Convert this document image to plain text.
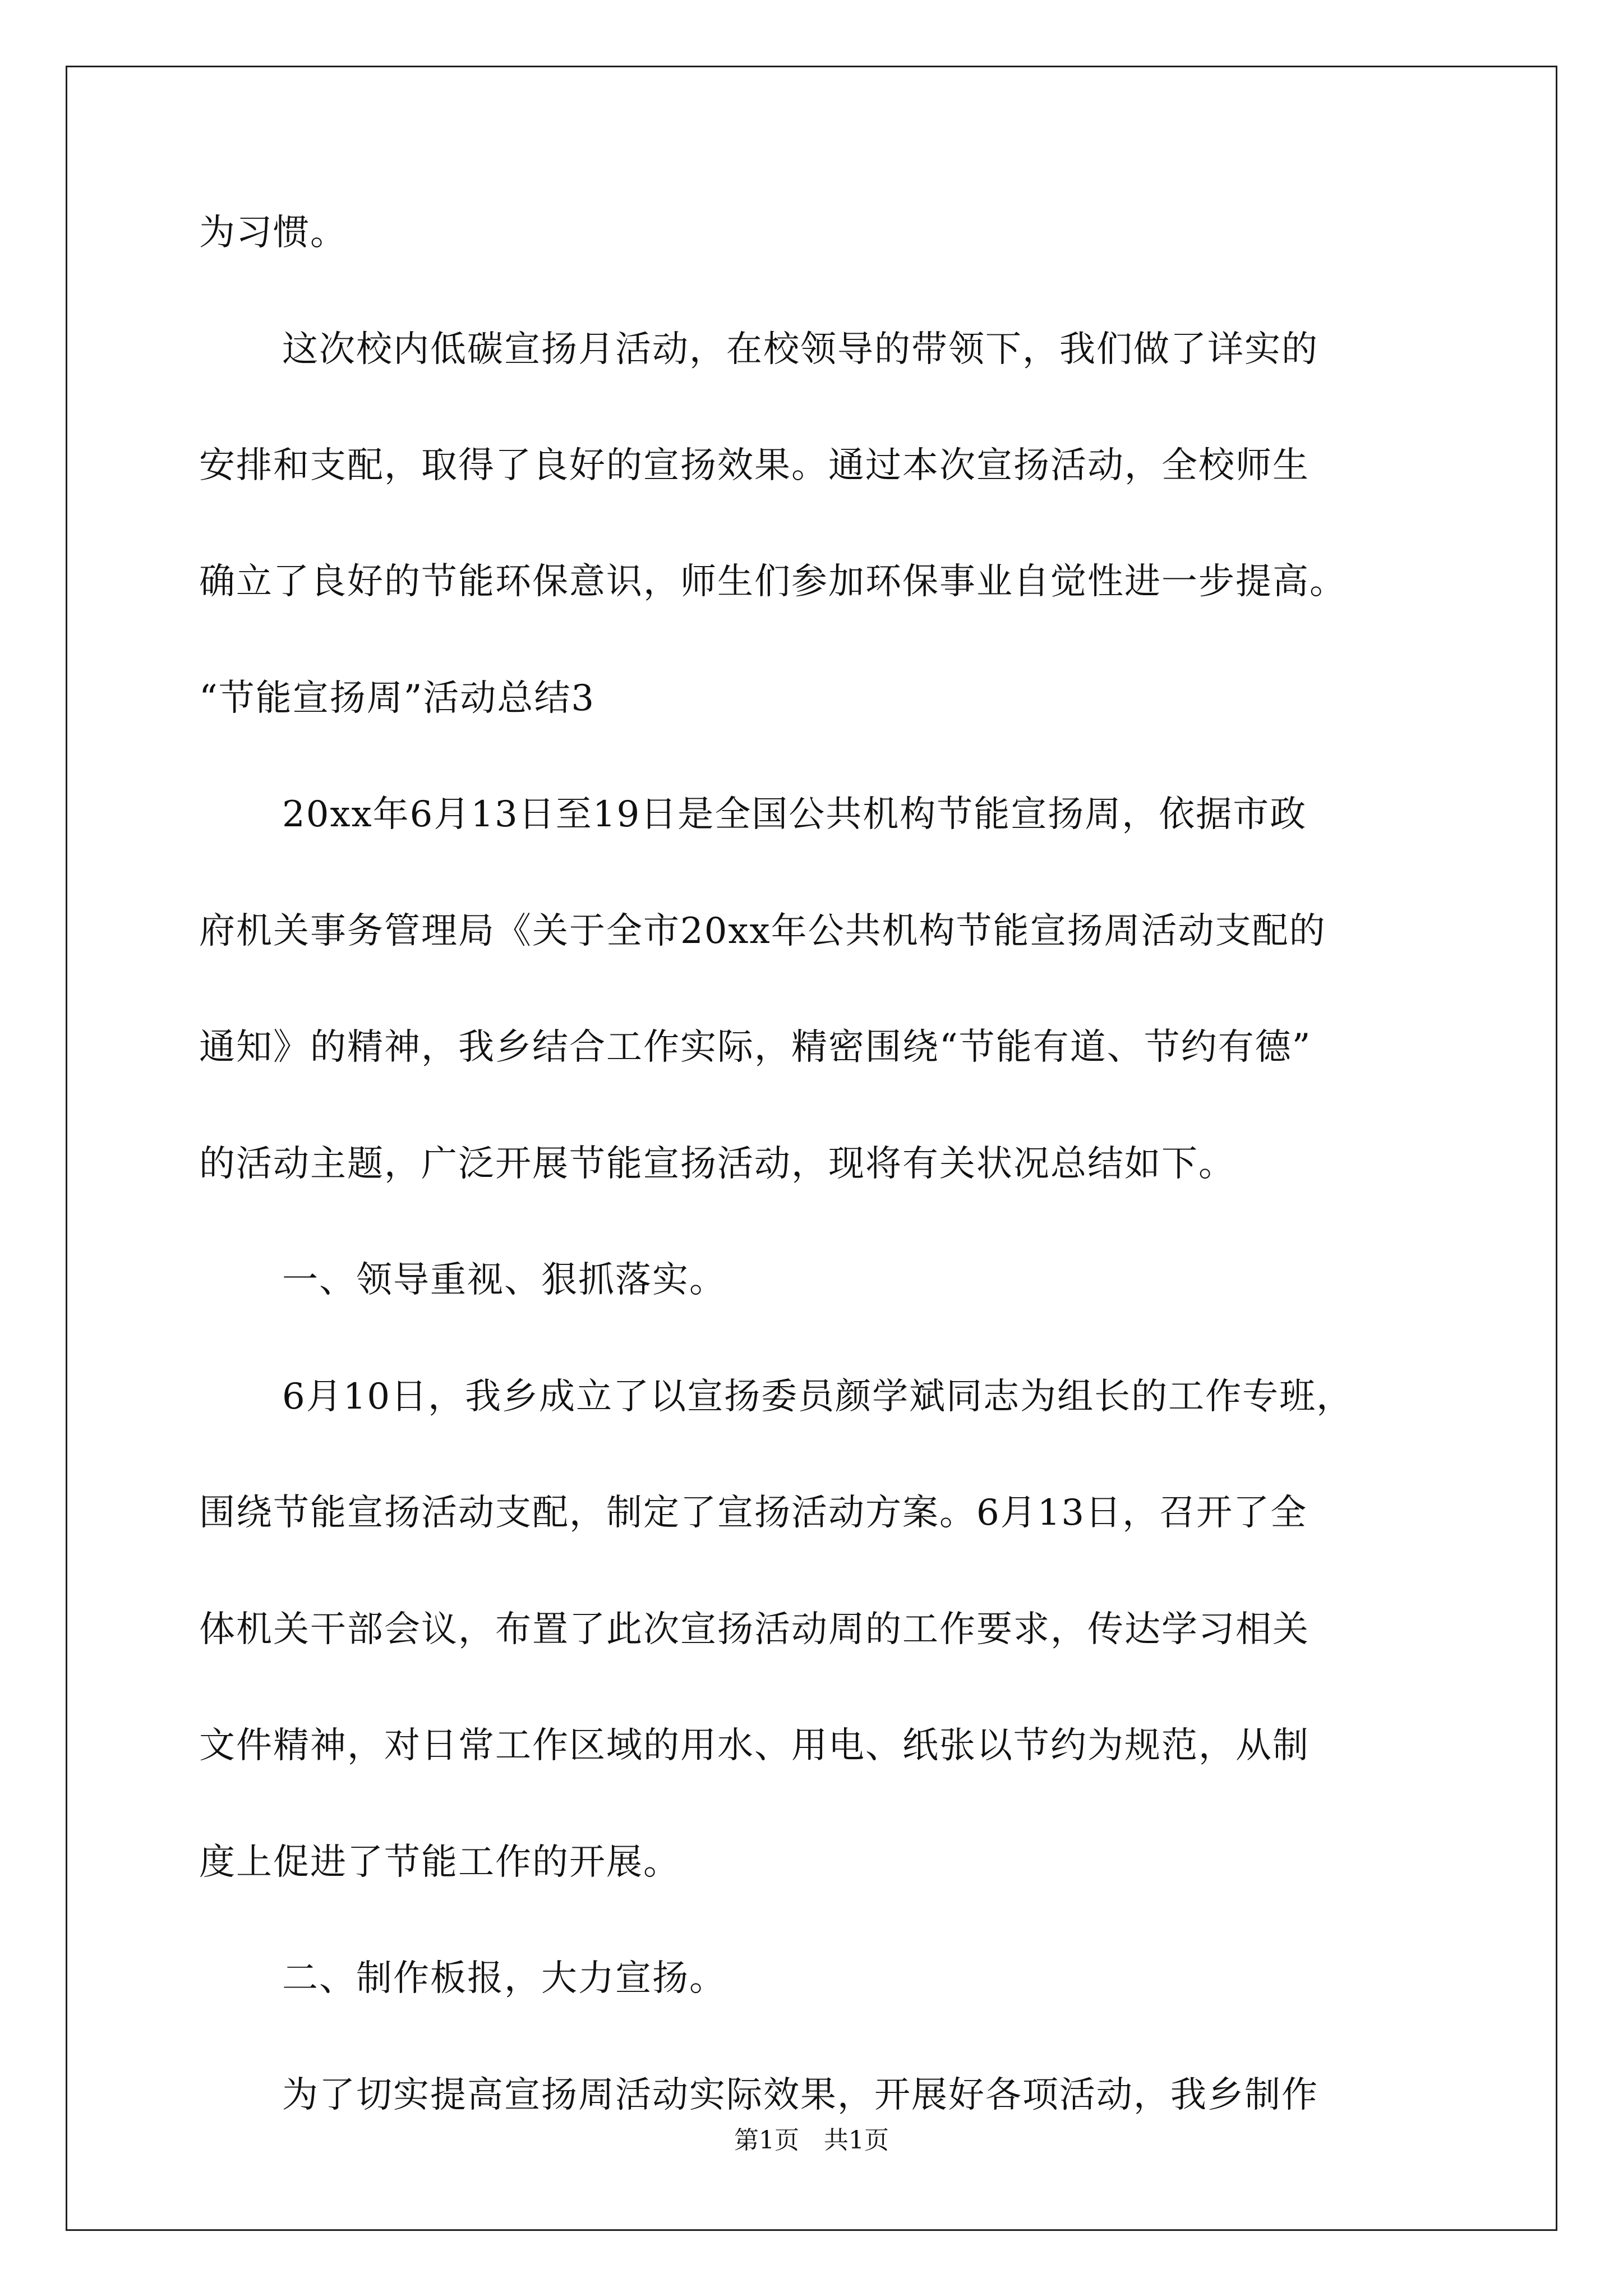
为习惯。
这次校内低碳宣扬月活动，在校领导的带领下，我们做了详实的
安排和支配，取得了良好的宣扬效果。通过本次宣扬活动，全校师生
确立了良好的节能环保意识，师生们参加环保事业自觉性进一步提高。
“节能宣扬周”活动总结3
20xx年6月13日至19日是全国公共机构节能宣扬周，依据市政
府机关事务管理局《关于全市20xx年公共机构节能宣扬周活动支配的
通知》的精神，我乡结合工作实际，精密围绕“节能有道、节约有德”
的活动主题，广泛开展节能宣扬活动，现将有关状况总结如下。
一、领导重视、狠抓落实。
6月10日，我乡成立了以宣扬委员颜学斌同志为组长的工作专班，
围绕节能宣扬活动支配，制定了宣扬活动方案。6月13日，召开了全
体机关干部会议，布置了此次宣扬活动周的工作要求，传达学习相关
文件精神，对日常工作区域的用水、用电、纸张以节约为规范，从制
度上促进了节能工作的开展。
二、制作板报，大力宣扬。
为了切实提高宣扬周活动实际效果，开展好各项活动，我乡制作
第1页 共1页
